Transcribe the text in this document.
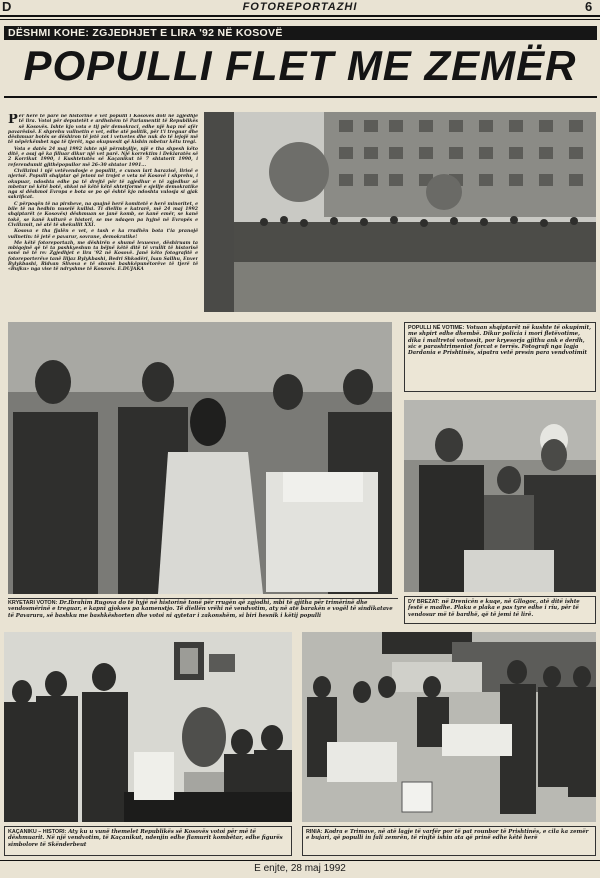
D	FOTOREPORTAZHI	6
DËSHMI KOHE: ZGJEDHJET E LIRA '92 NË KOSOVË
POPULLI FLET ME ZEMËR

Për herë të parë në historinë e vet populli i Kosovës doli në zgjedhje të lira. Votoi për deputetët e ardhshëm të Parlamentit të Republikës së Kosovës. Ishte kjo vota e tij për demokraci, edhe një hap më afër pavarësisë. E shprehu vullnetin e vet, edhe atë politik, për t'i treguar dhe dëshmuar botës se dëshiron të jetë zot i vetvetes dhe nuk do të lejojë më të nëpërkëmbet nga të tjerët, nga okupuesit që kishin mbetur këtu tregi.

Vota e datës 24 maj 1992 ishte një përmbyllje, një e tha shpesh këto ditë, e asaj që ka filluar dikur një vet parë. Një korrektim i Deklaratës së 2 Korrikut 1990, i Kushtetutës së Kaçanikut të 7 shtatorit 1990, i referendumit gjithëpopullor më 26–30 shtator 1991...

Civilizimi i një vetëvendosje e popullit, e cunon lart barazisë, lirisë e njerisë. Populli shqiptar që jetoni në trojet e veta në Kosovë i shprehu, i okupuar, ndoshta edhe pa të drejtë për të zgjedhur e të zgjedhur së mbetur në këtë botë, shkoi në këtë këtë shtetformë e sjellje demokratike nga si dëshmoi Evropa e bota se po që është kjo ndoshta vulosja si gjak sakrificat.

C përpoqën të na pirsheve, na quajnë herë komitetë e herë minoritet, e bile të na hedhin nuselë kullisi. Ti diellin e katrarë, më 24 maj 1992 shqiptarët (e Kosovës) dëshmuan se janë komb, se kanë emër, se kanë tokë, se kanë kulturë e histori, se me ndaqen pa hyjnë në Evropës e Civilizmit, në atë të shekullit XXI.

Kosova e tha fjalën e vet, e tash e ka rradhën bota t'ia pranojë vullnetin: të jetë e pavarur, sovrane, demokratike!

Me këtë fotoreportazh, me dëshirën e shumë lexuesve, dëshiruam ta mbiqojnë që të ta pashkyeshun ta bëjnë këtë ditë të vrullit të historisë sonë në të re: Zgjedhjet e lira '92 në Kosovë. Janë këto fotografitë e fotoreporterëve tanë Ilijaz Bylykbashi, Bedri Shkodëri, Isan Sallhu, Enver Bylykbashi, Ridvan Slivova e të shumë bashkëpunëtorëve të tjerë të «Bujku» nga vise të ndryshme të Kosovës. E.DUJAKA

POPULLI NË VOTIME: Votuan shqiptarët në kushte të okupimit, me shpirt edhe dhembë. Dikur policia i mori fletëvotime, dika i maltretoi votuesit, por kryesorja gjithu ank e derdh, sic e parashtrimeniot forcat e terrës. Fotografi nga lagja Dardania e Prishtinës, sipatra vetë presin para vendvotimit
KRYETARI VOTON: Dr.Ibrahim Rugova do të hyjë në historinë tonë për rrugën që zgjodhi, mbi të gjitha për trimërinë dhe vendosmërinë e treguar, e kapni gjokses pa kamenstjo. Të diellën vrëhi në vendvotim, aty në atë barakën e vogël të sindikatave të Pavarura, së bashku me bashkëshorten dhe votoi ni qytetar i zakonshëm, si biri hesnik i këtij populli
DY BREZAT: në Drenicën e kuqe, në Gllogoc, atë ditë ishte festë e madhe. Plaku e plaka e pas tyre edhe i rïu, për të vendosur më të bardhë, që të jemi të lirë.
KAÇANIKU – HISTORI: Aty ku u vunë themelet Republikës së Kosovës votoi për më të dëshmuarit. Në një vendvotim, të Kaçanikut, ndenjin edhe flamurit kombëtar, edhe figurës simbolore të Skënderbeut
RINIA: Kodra e Trimave, në atë lagje të varfër por të pat rounbor të Prishtinës, e cila ka zemër e bujari, që populli in fali zemrën, të rinjtë ishin ata që prinë edhe këtë herë
E enjte, 28 maj 1992
